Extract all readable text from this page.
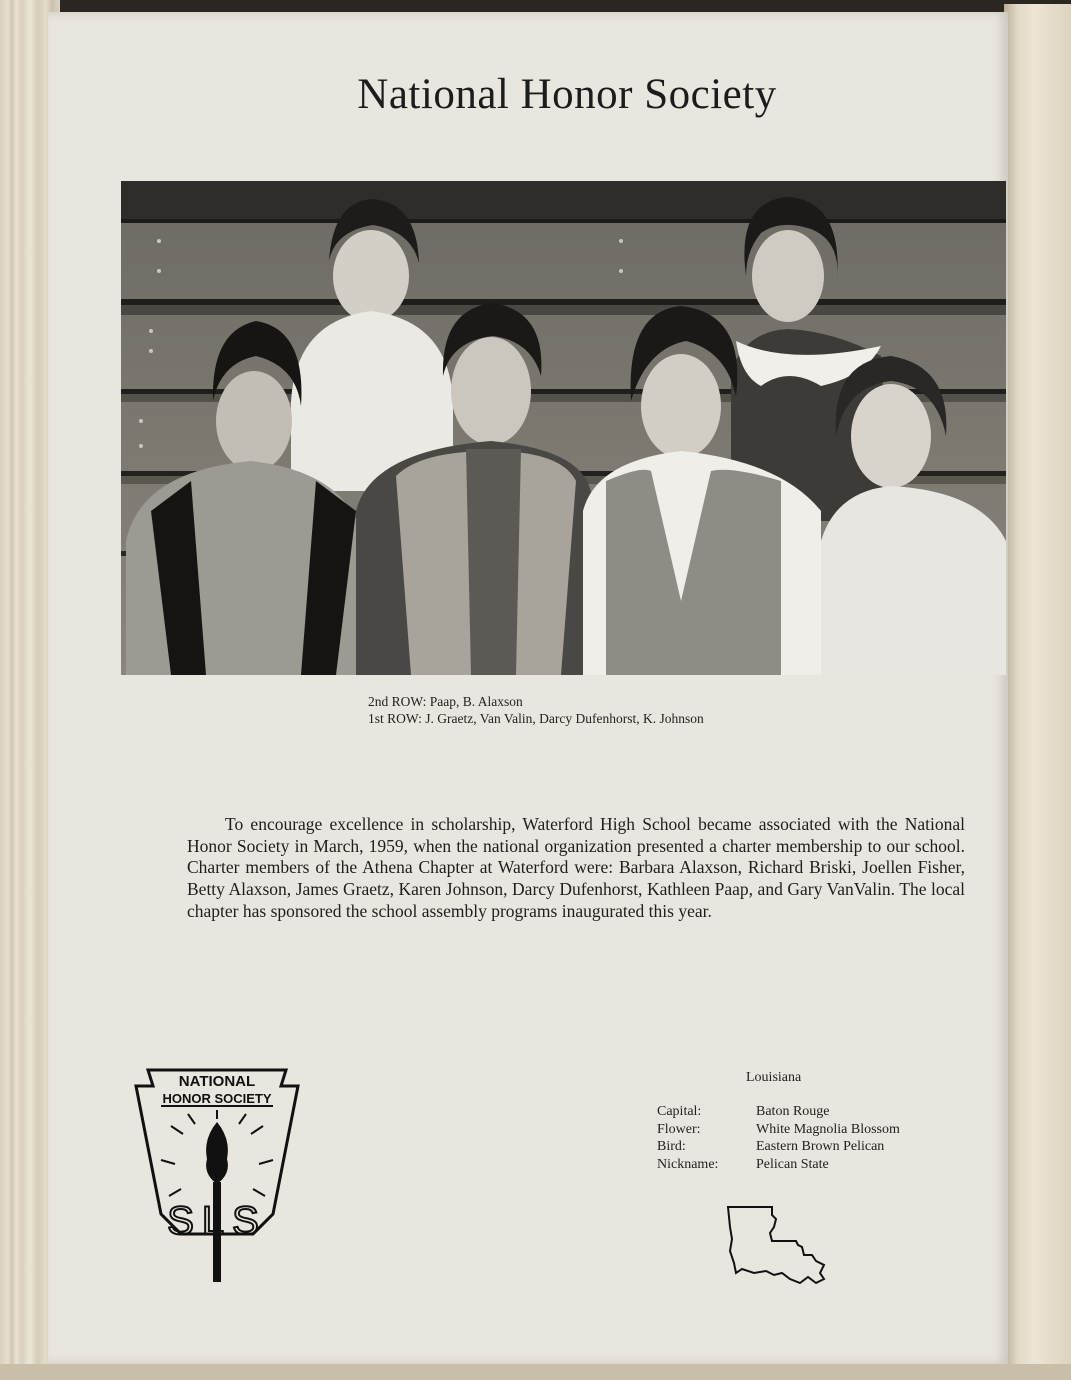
National Honor Society
2nd ROW: Paap, B. Alaxson
1st ROW: J. Graetz, Van Valin, Darcy Dufenhorst, K. Johnson
To encourage excellence in scholarship, Waterford High School became associated with the National Honor Society in March, 1959, when the national organization presented a charter membership to our school. Charter members of the Athena Chapter at Waterford were: Barbara Alaxson, Richard Briski, Joellen Fisher, Betty Alaxson, James Graetz, Karen Johnson, Darcy Dufenhorst, Kathleen Paap, and Gary VanValin. The local chapter has sponsored the school assembly programs inaugurated this year.
NATIONAL
HONOR SOCIETY
SLS
Louisiana
Capital:	Baton Rouge
Flower:	White Magnolia Blossom
Bird:	Eastern Brown Pelican
Nickname:	Pelican State
